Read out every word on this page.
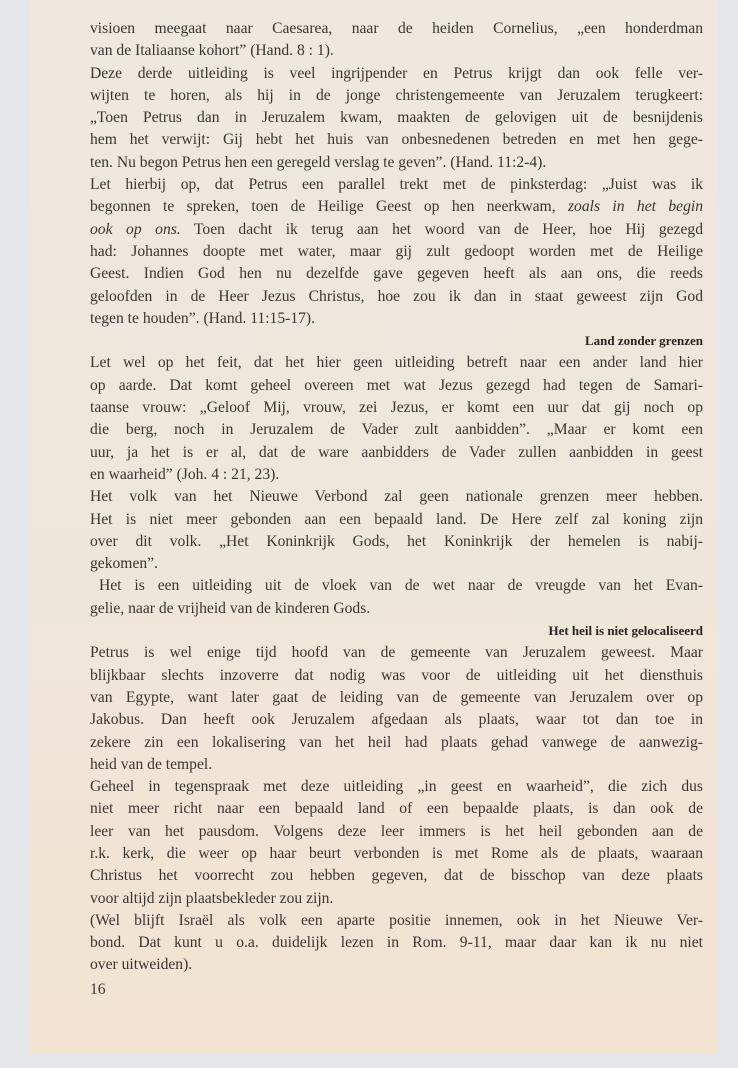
visioen meegaat naar Caesarea, naar de heiden Cornelius, „een honderdman
van de Italiaanse kohort” (Hand. 8 : 1).
Deze derde uitleiding is veel ingrijpender en Petrus krijgt dan ook felle ver-
wijten te horen, als hij in de jonge christengemeente van Jeruzalem terugkeert:
„Toen Petrus dan in Jeruzalem kwam, maakten de gelovigen uit de besnijdenis
hem het verwijt: Gij hebt het huis van onbesnedenen betreden en met hen gege-
ten. Nu begon Petrus hen een geregeld verslag te geven”. (Hand. 11:2-4).
Let hierbij op, dat Petrus een parallel trekt met de pinksterdag: „Juist was ik
begonnen te spreken, toen de Heilige Geest op hen neerkwam, zoals in het begin
ook op ons. Toen dacht ik terug aan het woord van de Heer, hoe Hij gezegd
had: Johannes doopte met water, maar gij zult gedoopt worden met de Heilige
Geest. Indien God hen nu dezelfde gave gegeven heeft als aan ons, die reeds
geloofden in de Heer Jezus Christus, hoe zou ik dan in staat geweest zijn God
tegen te houden”. (Hand. 11:15-17).
Land zonder grenzen
Let wel op het feit, dat het hier geen uitleiding betreft naar een ander land hier
op aarde. Dat komt geheel overeen met wat Jezus gezegd had tegen de Samari-
taanse vrouw: „Geloof Mij, vrouw, zei Jezus, er komt een uur dat gij noch op
die berg, noch in Jeruzalem de Vader zult aanbidden”. „Maar er komt een
uur, ja het is er al, dat de ware aanbidders de Vader zullen aanbidden in geest
en waarheid” (Joh. 4 : 21, 23).
Het volk van het Nieuwe Verbond zal geen nationale grenzen meer hebben.
Het is niet meer gebonden aan een bepaald land. De Here zelf zal koning zijn
over dit volk. „Het Koninkrijk Gods, het Koninkrijk der hemelen is nabij-
gekomen”.
Het is een uitleiding uit de vloek van de wet naar de vreugde van het Evan-
gelie, naar de vrijheid van de kinderen Gods.
Het heil is niet gelocaliseerd
Petrus is wel enige tijd hoofd van de gemeente van Jeruzalem geweest. Maar
blijkbaar slechts inzoverre dat nodig was voor de uitleiding uit het diensthuis
van Egypte, want later gaat de leiding van de gemeente van Jeruzalem over op
Jakobus. Dan heeft ook Jeruzalem afgedaan als plaats, waar tot dan toe in
zekere zin een lokalisering van het heil had plaats gehad vanwege de aanwezig-
heid van de tempel.
Geheel in tegenspraak met deze uitleiding „in geest en waarheid”, die zich dus
niet meer richt naar een bepaald land of een bepaalde plaats, is dan ook de
leer van het pausdom. Volgens deze leer immers is het heil gebonden aan de
r.k. kerk, die weer op haar beurt verbonden is met Rome als de plaats, waaraan
Christus het voorrecht zou hebben gegeven, dat de bisschop van deze plaats
voor altijd zijn plaatsbekleder zou zijn.
(Wel blijft Israël als volk een aparte positie innemen, ook in het Nieuwe Ver-
bond. Dat kunt u o.a. duidelijk lezen in Rom. 9-11, maar daar kan ik nu niet
over uitweiden).
16
